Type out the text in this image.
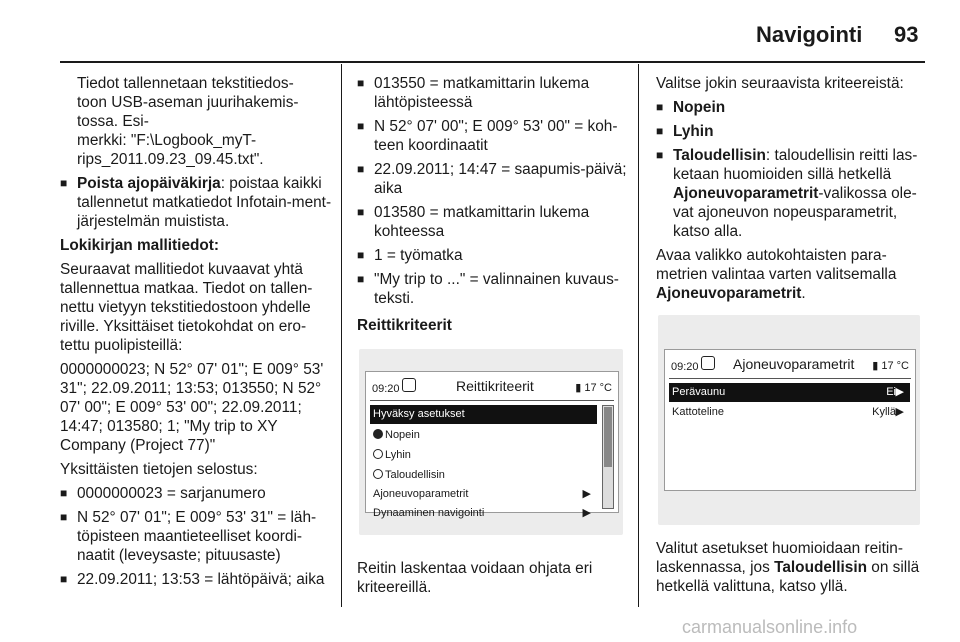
Navigointi 93

Tiedot tallennetaan tekstitiedos-
toon USB-aseman juurihakemis-
tossa. Esi-
merkki: "F:\Logbook_myT-
rips_2011.09.23_09.45.txt".

■ Poista ajopäiväkirja: poistaa kaikki tallennetut matkatiedot Infotain-ment-järjestelmän muistista.

Lokikirjan mallitiedot:

Seuraavat mallitiedot kuvaavat yhtä tallennettua matkaa. Tiedot on tallen-nettu vietyyn tekstitiedostoon yhdelle riville. Yksittäiset tietokohdat on ero-tettu puolipisteillä:

0000000023; N 52° 07' 01"; E 009° 53' 31"; 22.09.2011; 13:53; 013550; N 52° 07' 00"; E 009° 53' 00"; 22.09.2011; 14:47; 013580; 1; "My trip to XY Company (Project 77)"

Yksittäisten tietojen selostus:

■ 0000000023 = sarjanumero
■ N 52° 07' 01"; E 009° 53' 31" = läh-töpisteen maantieteelliset koordi-naatit (leveysaste; pituusaste)
■ 22.09.2011; 13:53 = lähtöpäivä; aika
■ 013550 = matkamittarin lukema lähtöpisteessä
■ N 52° 07' 00"; E 009° 53' 00" = koh-teen koordinaatit
■ 22.09.2011; 14:47 = saapumis-päivä; aika
■ 013580 = matkamittarin lukema kohteessa
■ 1 = työmatka
■ "My trip to ..." = valinnainen kuvaus-teksti.

Reittikriteerit

09:20	Reittikriteerit	▮ 17 °C
Hyväksy asetukset
Nopein
Lyhin
Taloudellisin
Ajoneuvoparametrit	▶
Dynaaminen navigointi	▶

Reitin laskentaa voidaan ohjata eri kriteereillä.

Valitse jokin seuraavista kriteereistä:

■ Nopein
■ Lyhin
■ Taloudellisin: taloudellisin reitti las-ketaan huomioiden sillä hetkellä Ajoneuvoparametrit-valikossa ole-vat ajoneuvon nopeusparametrit, katso alla.

Avaa valikko autokohtaisten para-metrien valintaa varten valitsemalla Ajoneuvoparametrit.

09:20 Ajoneuvoparametrit ▮ 17 °C
Perävaunu	Ei ▶
Kattoteline	Kyllä ▶

Valitut asetukset huomioidaan reitin-laskennassa, jos Taloudellisin on sillä hetkellä valittuna, katso yllä.

carmanualsonline.info
